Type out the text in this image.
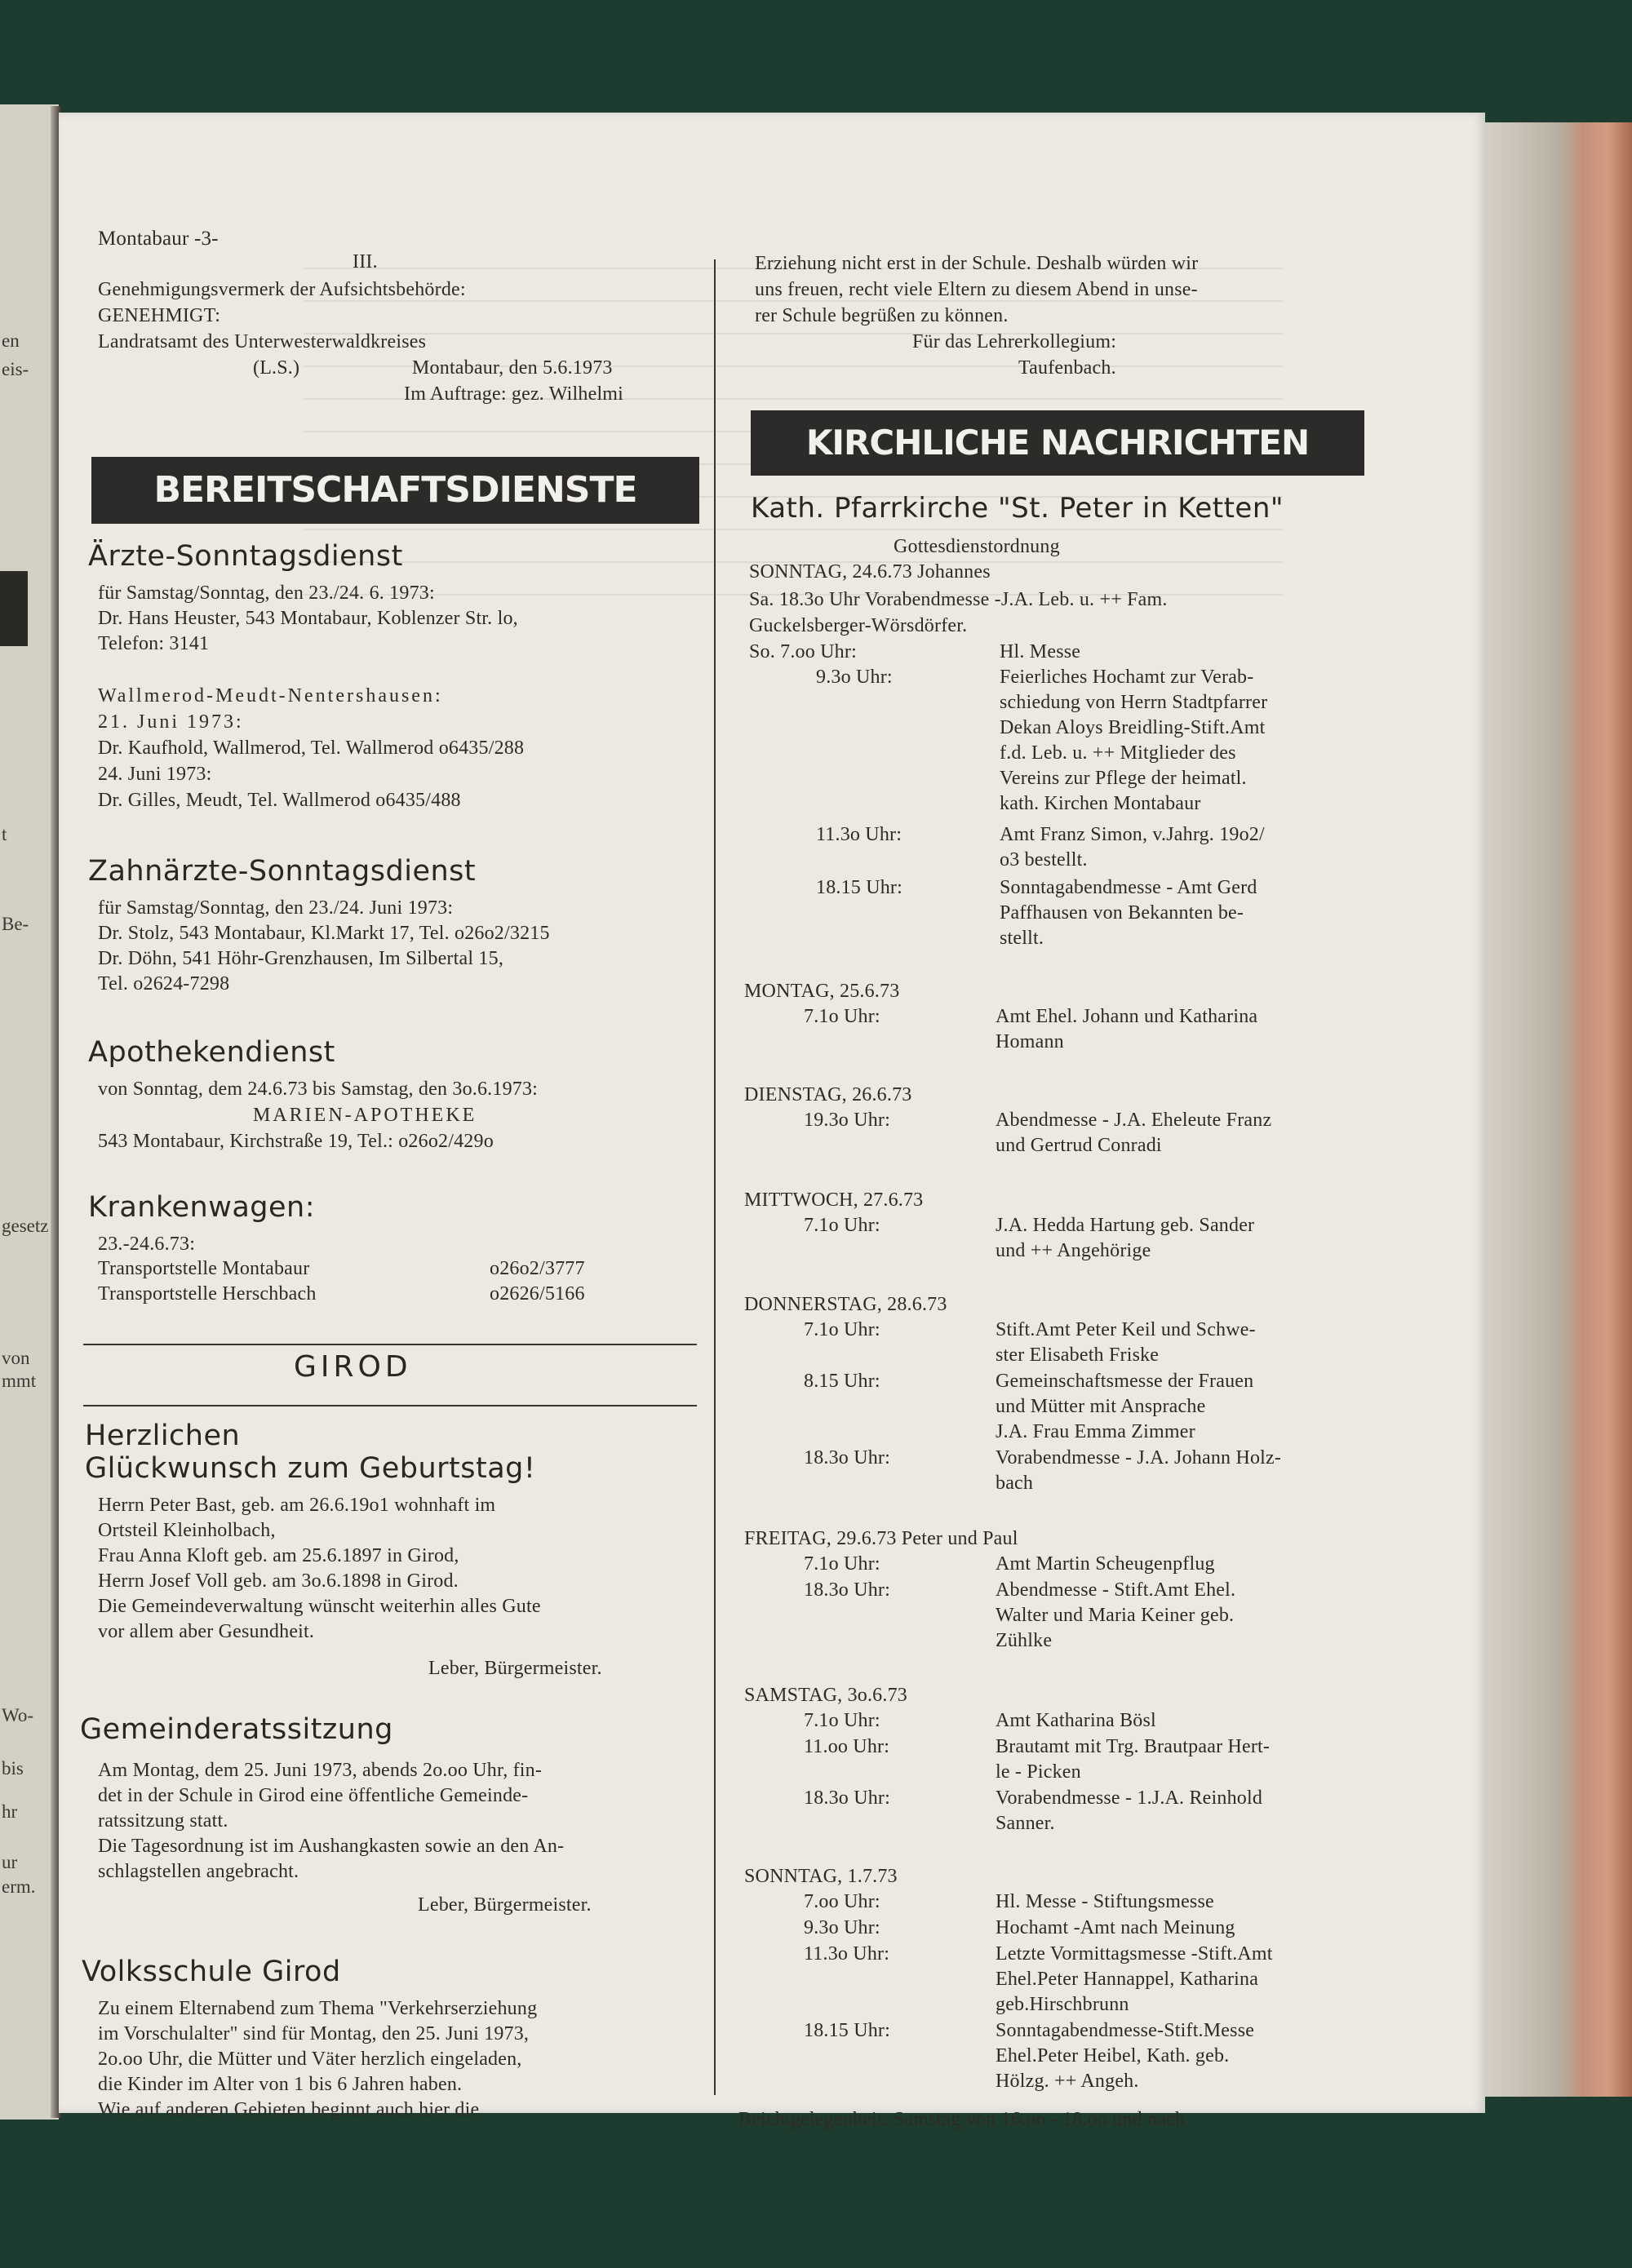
en
eis-
t
Be-
gesetz
von
mmt
Wo-
bis
hr
ur
erm.
Montabaur -3-
III.
Genehmigungsvermerk der Aufsichtsbehörde:
GENEHMIGT:
Landratsamt des Unterwesterwaldkreises
(L.S.)	Montabaur, den 5.6.1973
Im Auftrage: gez. Wilhelmi
BEREITSCHAFTSDIENSTE
Ärzte-Sonntagsdienst
für Samstag/Sonntag, den 23./24. 6. 1973:
Dr. Hans Heuster, 543 Montabaur, Koblenzer Str. lo,
Telefon: 3141
Wallmerod-Meudt-Nentershausen:
21. Juni 1973:
Dr. Kaufhold, Wallmerod, Tel. Wallmerod o6435/288
24. Juni 1973:
Dr. Gilles, Meudt, Tel. Wallmerod o6435/488
Zahnärzte-Sonntagsdienst
für Samstag/Sonntag, den 23./24. Juni 1973:
Dr. Stolz, 543 Montabaur, Kl.Markt 17, Tel. o26o2/3215
Dr. Döhn, 541 Höhr-Grenzhausen, Im Silbertal 15,
Tel. o2624-7298
Apothekendienst
von Sonntag, dem 24.6.73 bis Samstag, den 3o.6.1973:
MARIEN-APOTHEKE
543 Montabaur, Kirchstraße 19, Tel.: o26o2/429o
Krankenwagen:
23.-24.6.73:
Transportstelle Montabaur	o26o2/3777
Transportstelle Herschbach	o2626/5166
GIROD
Herzlichen
Glückwunsch zum Geburtstag!
Herrn Peter Bast, geb. am 26.6.19o1 wohnhaft im
Ortsteil Kleinholbach,
Frau Anna Kloft geb. am 25.6.1897 in Girod,
Herrn Josef Voll geb. am 3o.6.1898 in Girod.
Die Gemeindeverwaltung wünscht weiterhin alles Gute
vor allem aber Gesundheit.
Leber, Bürgermeister.
Gemeinderatssitzung
Am Montag, dem 25. Juni 1973, abends 2o.oo Uhr, fin-
det in der Schule in Girod eine öffentliche Gemeinde-
ratssitzung statt.
Die Tagesordnung ist im Aushangkasten sowie an den An-
schlagstellen angebracht.
Leber, Bürgermeister.
Volksschule Girod
Zu einem Elternabend zum Thema "Verkehrserziehung
im Vorschulalter" sind für Montag, den 25. Juni 1973,
2o.oo Uhr, die Mütter und Väter herzlich eingeladen,
die Kinder im Alter von 1 bis 6 Jahren haben.
Wie auf anderen Gebieten beginnt auch hier die
Erziehung nicht erst in der Schule. Deshalb würden wir
uns freuen, recht viele Eltern zu diesem Abend in unse-
rer Schule begrüßen zu können.
Für das Lehrerkollegium:
Taufenbach.
KIRCHLICHE NACHRICHTEN
Kath. Pfarrkirche "St. Peter in Ketten"
Gottesdienstordnung
SONNTAG, 24.6.73 Johannes
Sa. 18.3o Uhr Vorabendmesse -J.A. Leb. u. ++ Fam.
Guckelsberger-Wörsdörfer.
So. 7.oo Uhr:	Hl. Messe
9.3o Uhr:	Feierliches Hochamt zur Verab-
schiedung von Herrn Stadtpfarrer
Dekan Aloys Breidling-Stift.Amt
f.d. Leb. u. ++ Mitglieder des
Vereins zur Pflege der heimatl.
kath. Kirchen Montabaur
11.3o Uhr:	Amt Franz Simon, v.Jahrg. 19o2/
o3 bestellt.
18.15 Uhr:	Sonntagabendmesse - Amt Gerd
Paffhausen von Bekannten be-
stellt.
MONTAG, 25.6.73
7.1o Uhr:	Amt Ehel. Johann und Katharina
Homann
DIENSTAG, 26.6.73
19.3o Uhr:	Abendmesse - J.A. Eheleute Franz
und Gertrud Conradi
MITTWOCH, 27.6.73
7.1o Uhr:	J.A. Hedda Hartung geb. Sander
und ++ Angehörige
DONNERSTAG, 28.6.73
7.1o Uhr:	Stift.Amt Peter Keil und Schwe-
ster Elisabeth Friske
8.15 Uhr:	Gemeinschaftsmesse der Frauen
und Mütter mit Ansprache
J.A. Frau Emma Zimmer
18.3o Uhr:	Vorabendmesse - J.A. Johann Holz-
bach
FREITAG, 29.6.73 Peter und Paul
7.1o Uhr:	Amt Martin Scheugenpflug
18.3o Uhr:	Abendmesse - Stift.Amt Ehel.
Walter und Maria Keiner geb.
Zühlke
SAMSTAG, 3o.6.73
7.1o Uhr:	Amt Katharina Bösl
11.oo Uhr:	Brautamt mit Trg. Brautpaar Hert-
le - Picken
18.3o Uhr:	Vorabendmesse - 1.J.A. Reinhold
Sanner.
SONNTAG, 1.7.73
7.oo Uhr:	Hl. Messe - Stiftungsmesse
9.3o Uhr:	Hochamt -Amt nach Meinung
11.3o Uhr:	Letzte Vormittagsmesse -Stift.Amt
Ehel.Peter Hannappel, Katharina
geb.Hirschbrunn
18.15 Uhr:	Sonntagabendmesse-Stift.Messe
Ehel.Peter Heibel, Kath. geb.
Hölzg. ++ Angeh.
Beichtgelegenheit: Samstag von 16.oo - 18.oo und nach
